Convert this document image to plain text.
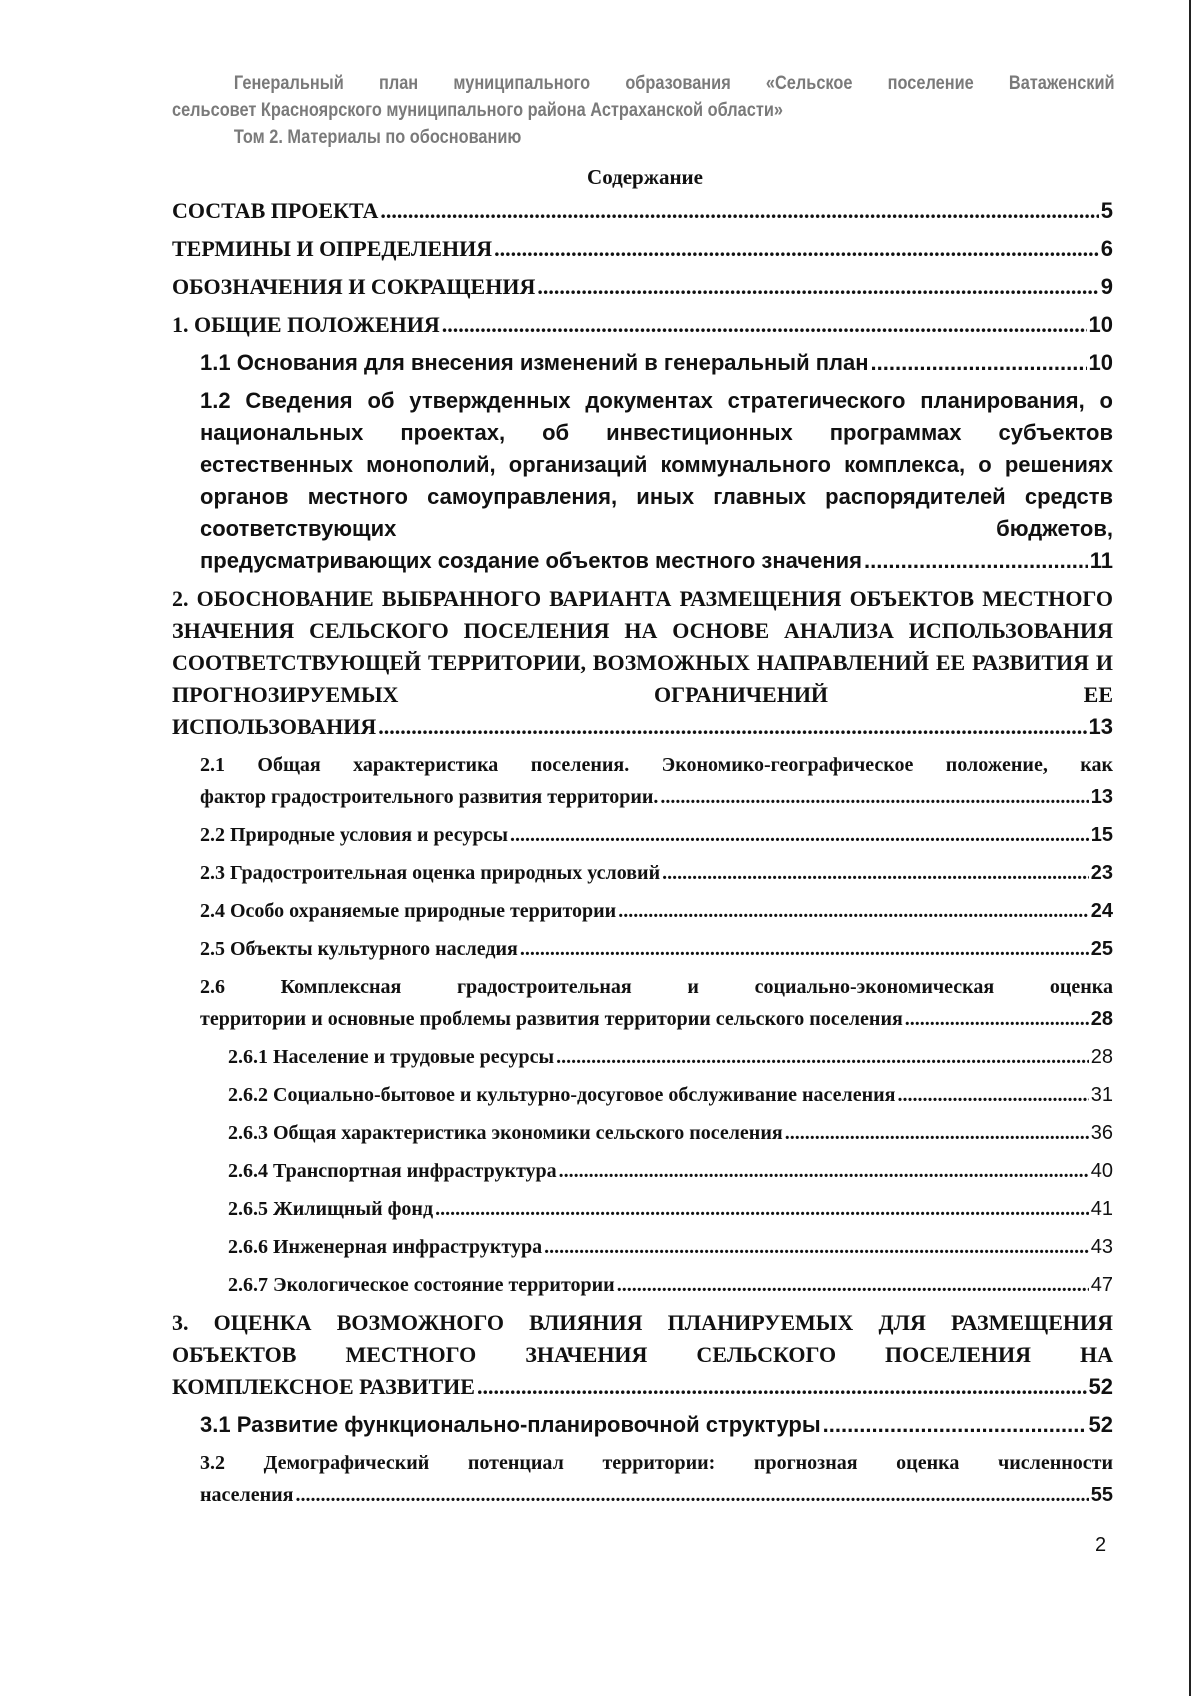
Генеральный план муниципального образования «Сельское поселение Ватаженский

сельсовет Красноярского муниципального района Астраханской области»

Том 2. Материалы по обоснованию

Содержание
СОСТАВ ПРОЕКТА .....	5
ТЕРМИНЫ И ОПРЕДЕЛЕНИЯ .....	6
ОБОЗНАЧЕНИЯ И СОКРАЩЕНИЯ .....	9
1. ОБЩИЕ ПОЛОЖЕНИЯ .....	10
1.1 Основания для внесения изменений в генеральный план .....	10
1.2 Сведения об утвержденных документах стратегического планирования, о национальных проектах, об инвестиционных программах субъектов естественных монополий, организаций коммунального комплекса, о решениях органов местного самоуправления, иных главных распорядителей средств соответствующих бюджетов,
предусматривающих создание объектов местного значения .....	11
2. ОБОСНОВАНИЕ ВЫБРАННОГО ВАРИАНТА РАЗМЕЩЕНИЯ ОБЪЕКТОВ МЕСТНОГО ЗНАЧЕНИЯ СЕЛЬСКОГО ПОСЕЛЕНИЯ НА ОСНОВЕ АНАЛИЗА ИСПОЛЬЗОВАНИЯ СООТВЕТСТВУЮЩЕЙ ТЕРРИТОРИИ, ВОЗМОЖНЫХ НАПРАВЛЕНИЙ ЕЕ РАЗВИТИЯ И ПРОГНОЗИРУЕМЫХ ОГРАНИЧЕНИЙ ЕЕ
ИСПОЛЬЗОВАНИЯ .....	13
2.1 Общая характеристика поселения. Экономико-географическое положение, как
фактор градостроительного развития территории. .....	13
2.2 Природные условия и ресурсы .....	15
2.3 Градостроительная оценка природных условий .....	23
2.4 Особо охраняемые природные территории .....	24
2.5 Объекты культурного наследия .....	25
2.6 Комплексная градостроительная и социально-экономическая оценка
территории и основные проблемы развития территории сельского поселения .....	28
2.6.1 Население и трудовые ресурсы .....	28
2.6.2 Социально-бытовое и культурно-досуговое обслуживание населения .....	31
2.6.3 Общая характеристика экономики сельского поселения .....	36
2.6.4 Транспортная инфраструктура .....	40
2.6.5 Жилищный фонд .....	41
2.6.6 Инженерная инфраструктура .....	43
2.6.7 Экологическое состояние территории .....	47
3. ОЦЕНКА ВОЗМОЖНОГО ВЛИЯНИЯ ПЛАНИРУЕМЫХ ДЛЯ РАЗМЕЩЕНИЯ ОБЪЕКТОВ МЕСТНОГО ЗНАЧЕНИЯ СЕЛЬСКОГО ПОСЕЛЕНИЯ НА
КОМПЛЕКСНОЕ РАЗВИТИЕ .....	52
3.1 Развитие функционально-планировочной структуры .....	52
3.2 Демографический потенциал территории: прогнозная оценка численности
населения .....	55
2
